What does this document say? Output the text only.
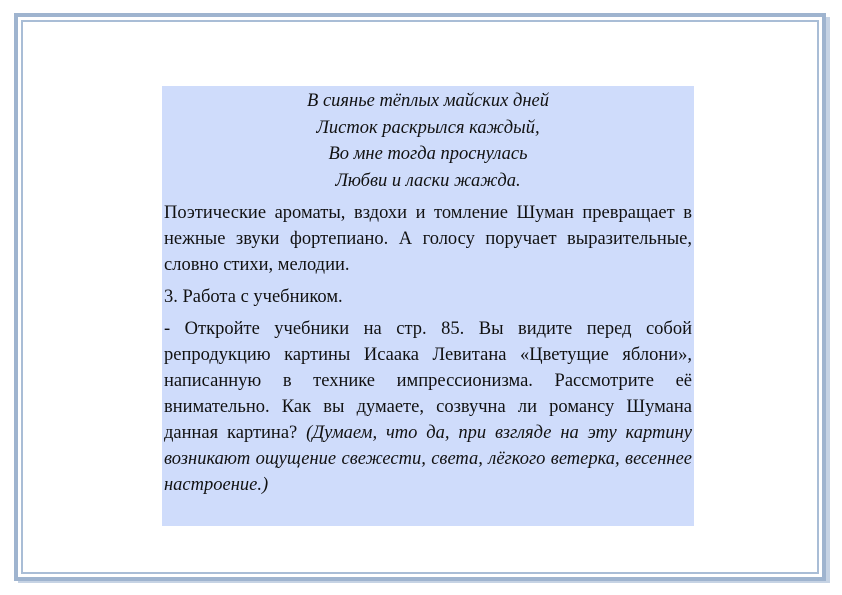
В сиянье тёплых майских дней
Листок раскрылся каждый,
Во мне тогда проснулась
Любви и ласки жажда.

Поэтические ароматы, вздохи и томление Шуман превращает в нежные звуки фортепиано. А голосу поручает выразительные, словно стихи, мелодии.

3. Работа с учебником.

- Откройте учебники на стр. 85. Вы видите перед собой репродукцию картины Исаака Левитана «Цветущие яблони», написанную в технике импрессионизма. Рассмотрите её внимательно. Как вы думаете, созвучна ли романсу Шумана данная картина? (Думаем, что да, при взгляде на эту картину возникают ощущение свежести, света, лёгкого ветерка, весеннее настроение.)
